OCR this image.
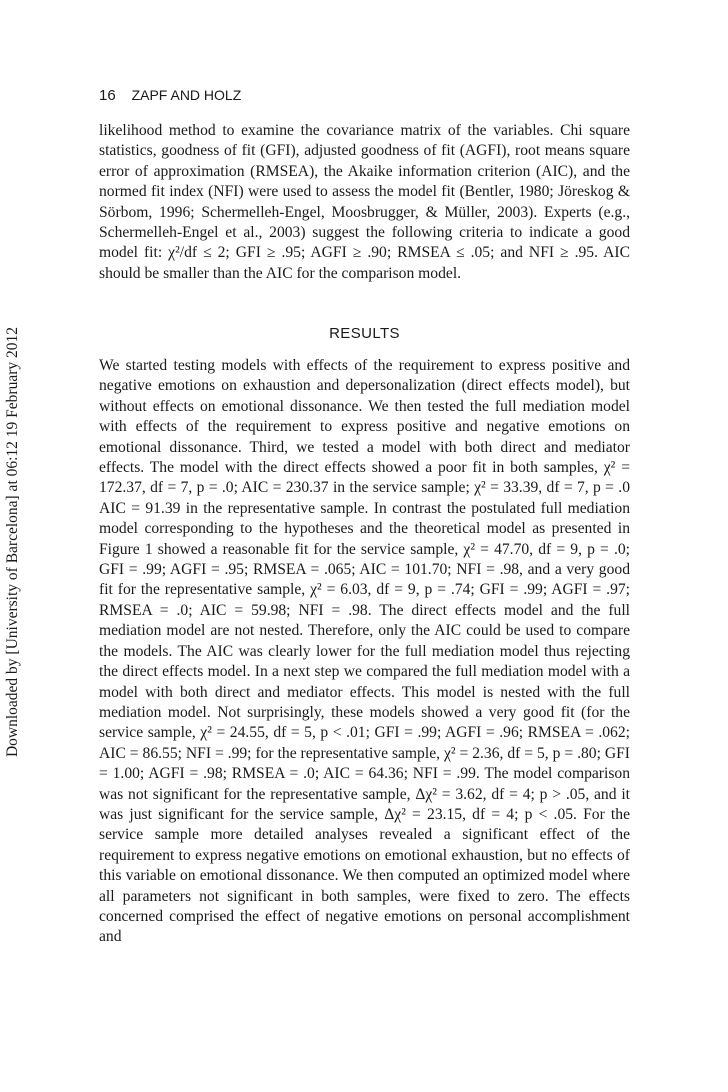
Downloaded by [University of Barcelona] at 06:12 19 February 2012
16 ZAPF AND HOLZ

likelihood method to examine the covariance matrix of the variables. Chi square statistics, goodness of fit (GFI), adjusted goodness of fit (AGFI), root means square error of approximation (RMSEA), the Akaike information criterion (AIC), and the normed fit index (NFI) were used to assess the model fit (Bentler, 1980; Jöreskog & Sörbom, 1996; Schermelleh-Engel, Moosbrugger, & Müller, 2003). Experts (e.g., Schermelleh-Engel et al., 2003) suggest the following criteria to indicate a good model fit: χ²/df ≤ 2; GFI ≥ .95; AGFI ≥ .90; RMSEA ≤ .05; and NFI ≥ .95. AIC should be smaller than the AIC for the comparison model.

RESULTS

We started testing models with effects of the requirement to express positive and negative emotions on exhaustion and depersonalization (direct effects model), but without effects on emotional dissonance. We then tested the full mediation model with effects of the requirement to express positive and negative emotions on emotional dissonance. Third, we tested a model with both direct and mediator effects. The model with the direct effects showed a poor fit in both samples, χ² = 172.37, df = 7, p = .0; AIC = 230.37 in the service sample; χ² = 33.39, df = 7, p = .0 AIC = 91.39 in the representative sample. In contrast the postulated full mediation model corresponding to the hypotheses and the theoretical model as presented in Figure 1 showed a reasonable fit for the service sample, χ² = 47.70, df = 9, p = .0; GFI = .99; AGFI = .95; RMSEA = .065; AIC = 101.70; NFI = .98, and a very good fit for the representative sample, χ² = 6.03, df = 9, p = .74; GFI = .99; AGFI = .97; RMSEA = .0; AIC = 59.98; NFI = .98. The direct effects model and the full mediation model are not nested. Therefore, only the AIC could be used to compare the models. The AIC was clearly lower for the full mediation model thus rejecting the direct effects model. In a next step we compared the full mediation model with a model with both direct and mediator effects. This model is nested with the full mediation model. Not surprisingly, these models showed a very good fit (for the service sample, χ² = 24.55, df = 5, p < .01; GFI = .99; AGFI = .96; RMSEA = .062; AIC = 86.55; NFI = .99; for the representative sample, χ² = 2.36, df = 5, p = .80; GFI = 1.00; AGFI = .98; RMSEA = .0; AIC = 64.36; NFI = .99. The model comparison was not significant for the representative sample, Δχ² = 3.62, df = 4; p > .05, and it was just significant for the service sample, Δχ² = 23.15, df = 4; p < .05. For the service sample more detailed analyses revealed a significant effect of the requirement to express negative emotions on emotional exhaustion, but no effects of this variable on emotional dissonance. We then computed an optimized model where all parameters not significant in both samples, were fixed to zero. The effects concerned comprised the effect of negative emotions on personal accomplishment and
